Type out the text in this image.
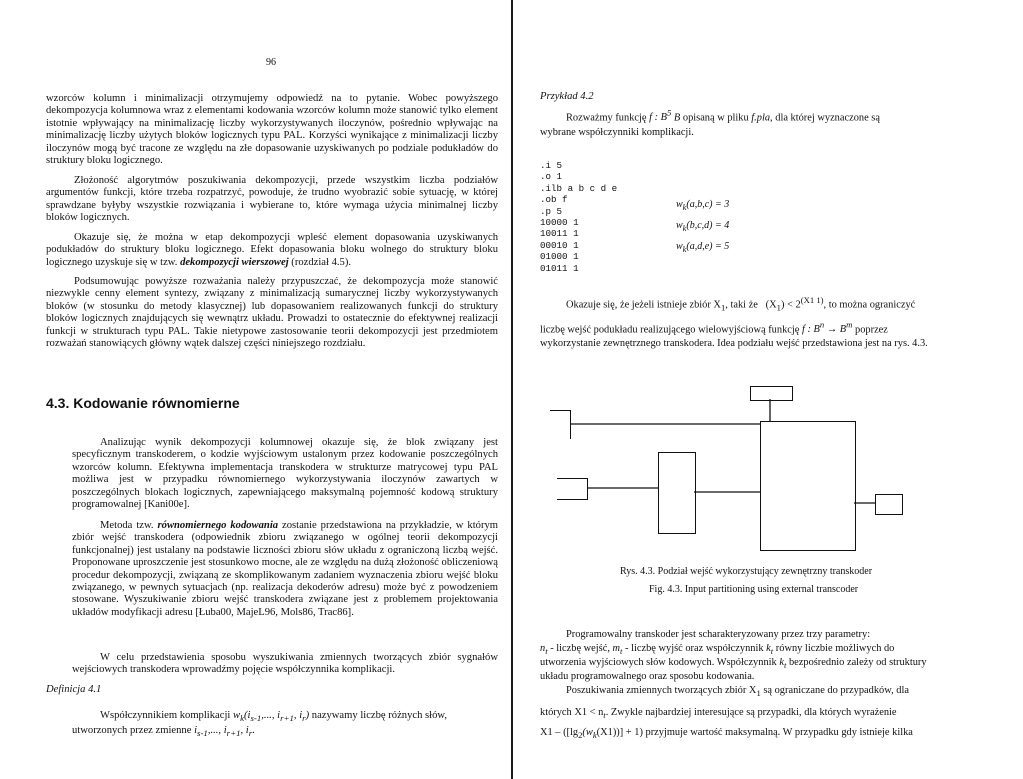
96

wzorców kolumn i minimalizacji otrzymujemy odpowiedź na to pytanie. Wobec powyższego dekompozycja kolumnowa wraz z elementami kodowania wzorców kolumn może stanowić tylko element istotnie wpływający na minimalizację liczby wykorzystywanych iloczynów, pośrednio wpływając na minimalizację liczby użytych bloków logicznych typu PAL. Korzyści wynikające z minimalizacji liczby iloczynów mogą być tracone ze względu na złe dopasowanie uzyskiwanych po podziale podukładów do struktury bloku logicznego.

Złożoność algorytmów poszukiwania dekompozycji, przede wszystkim liczba podziałów argumentów funkcji, które trzeba rozpatrzyć, powoduje, że trudno wyobrazić sobie sytuację, w której sprawdzane byłyby wszystkie rozwiązania i wybierane to, które wymaga użycia minimalnej liczby bloków logicznych.

Okazuje się, że można w etap dekompozycji wpleść element dopasowania uzyskiwanych podukładów do struktury bloku logicznego. Efekt dopasowania bloku wolnego do struktury bloku logicznego uzyskuje się w tzw. dekompozycji wierszowej (rozdział 4.5).

Podsumowując powyższe rozważania należy przypuszczać, że dekompozycja może stanowić niezwykle cenny element syntezy, związany z minimalizacją sumarycznej liczby wykorzystywanych bloków (w stosunku do metody klasycznej) lub dopasowaniem realizowanych funkcji do struktury bloków logicznych znajdujących się wewnątrz układu. Prowadzi to ostatecznie do efektywnej realizacji funkcji w strukturach typu PAL. Takie nietypowe zastosowanie teorii dekompozycji jest przedmiotem rozważań stanowiących główny wątek dalszej części niniejszego rozdziału.

4.3. Kodowanie równomierne

Analizując wynik dekompozycji kolumnowej okazuje się, że blok związany jest specyficznym transkoderem, o kodzie wyjściowym ustalonym przez kodowanie poszczególnych wzorców kolumn. Efektywna implementacja transkodera w strukturze matrycowej typu PAL możliwa jest w przypadku równomiernego wykorzystywania iloczynów zawartych w poszczególnych blokach logicznych, zapewniającego maksymalną pojemność kodową struktury programowalnej [Kani00e].

Metoda tzw. równomiernego kodowania zostanie przedstawiona na przykładzie, w którym zbiór wejść transkodera (odpowiednik zbioru związanego w ogólnej teorii dekompozycji funkcjonalnej) jest ustalany na podstawie liczności zbioru słów układu z ograniczoną liczbą wejść. Proponowane uproszczenie jest stosunkowo mocne, ale ze względu na dużą złożoność obliczeniową procedur dekompozycji, związaną ze skomplikowanym zadaniem wyznaczenia zbioru wejść bloku związanego, w pewnych sytuacjach (np. realizacja dekoderów adresu) może być z powodzeniem stosowane. Wyszukiwanie zbioru wejść transkodera związane jest z problemem projektowania układów modyfikacji adresu [Łuba00, MajeL96, Mols86, Trac86].

W celu przedstawienia sposobu wyszukiwania zmiennych tworzących zbiór sygnałów wejściowych transkodera wprowadźmy pojęcie współczynnika komplikacji.

Definicja 4.1

Współczynnikiem komplikacji $w_k(i_{s-1}$,..., $i_{r+1}$, $i_r$) nazywamy liczbę różnych słów,
utworzonych przez zmienne $i_{s-1}$,..., $i_{r+1}$, $i_r$.

Przykład 4.2
Rozważmy funkcję f : $B^5$ B opisaną w pliku f.pla, dla której wyznaczone są
wybrane współczynniki komplikacji.
.i 5
.o 1
.ilb a b c d e
.ob f
.p 5
10000 1
10011 1
00010 1
01000 1
01011 1
$w_k(a,b,c) = 3$
$w_k(b,c,d) = 4$
$w_k(a,d,e) = 5$
Okazuje się, że jeżeli istnieje zbiór $X_1$, taki że $(X_1) < 2^{(X1 1)}$, to można ograniczyć
liczbę wejść podukładu realizującego wielowyjściową funkcję f : $B^n \to B^m$ poprzez
wykorzystanie zewnętrznego transkodera. Idea podziału wejść przedstawiona jest na rys. 4.3.
Rys. 4.3. Podział wejść wykorzystujący zewnętrzny transkoder
Fig. 4.3. Input partitioning using external transcoder
Programowalny transkoder jest scharakteryzowany przez trzy parametry:
$n_t$ - liczbę wejść, $m_t$ - liczbę wyjść oraz współczynnik $k_t$ równy liczbie możliwych do
utworzenia wyjściowych słów kodowych. Współczynnik $k_t$ bezpośrednio zależy od struktury
układu programowalnego oraz sposobu kodowania.
Poszukiwania zmiennych tworzących zbiór $X_1$ są ograniczane do przypadków, dla
których $X1 < n_t$. Zwykle najbardziej interesujące są przypadki, dla których wyrażenie
$X1 - ([\lg_2(w_k(X1))] + 1)$ przyjmuje wartość maksymalną. W przypadku gdy istnieje kilka
